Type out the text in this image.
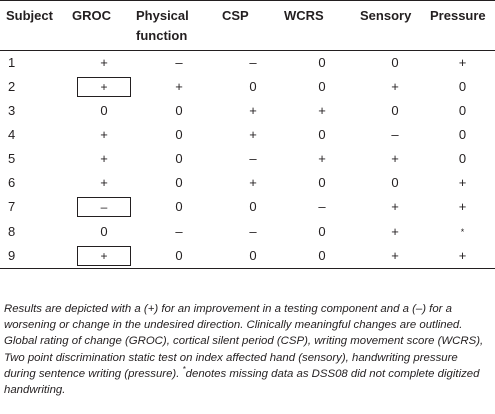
Subject	GROC	Physical function	CSP	WCRS	Sensory	Pressure
1	+	–	–	0	0	+
2	+	+	0	0	+	0
3	0	0	+	+	0	0
4	+	0	+	0	–	0
5	+	0	–	+	+	0
6	+	0	+	0	0	+
7	–	0	0	–	+	+
8	0	–	–	0	+	*
9	+	0	0	0	+	+
Results are depicted with a (+) for an improvement in a testing component and a (–) for a worsening or change in the undesired direction. Clinically meaningful changes are outlined. Global rating of change (GROC), cortical silent period (CSP), writing movement score (WCRS), Two point discrimination static test on index affected hand (sensory), handwriting pressure during sentence writing (pressure). *denotes missing data as DSS08 did not complete digitized handwriting.
